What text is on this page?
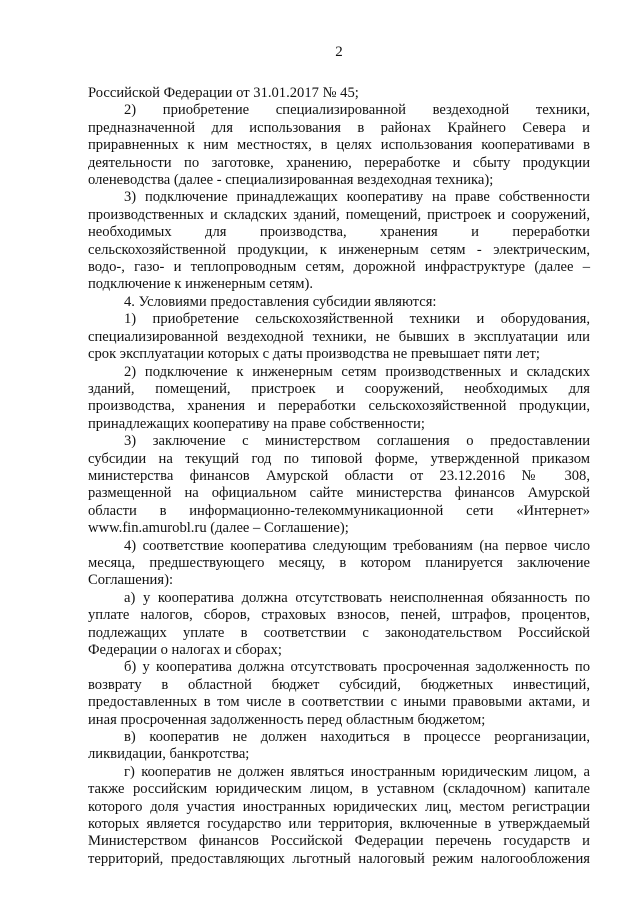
2
Российской Федерации от 31.01.2017 № 45;
2) приобретение специализированной вездеходной техники,
предназначенной для использования в районах Крайнего Севера и
приравненных к ним местностях, в целях использования кооперативами в
деятельности по заготовке, хранению, переработке и сбыту продукции
оленеводства (далее - специализированная вездеходная техника);
3) подключение принадлежащих кооперативу на праве собственности
производственных и складских зданий, помещений, пристроек и сооружений,
необходимых для производства, хранения и переработки
сельскохозяйственной продукции, к инженерным сетям - электрическим,
водо-, газо- и теплопроводным сетям, дорожной инфраструктуре (далее –
подключение к инженерным сетям).
4. Условиями предоставления субсидии являются:
1) приобретение сельскохозяйственной техники и оборудования,
специализированной вездеходной техники, не бывших в эксплуатации или
срок эксплуатации которых с даты производства не превышает пяти лет;
2) подключение к инженерным сетям производственных и складских
зданий, помещений, пристроек и сооружений, необходимых для
производства, хранения и переработки сельскохозяйственной продукции,
принадлежащих кооперативу на праве собственности;
3) заключение с министерством соглашения о предоставлении
субсидии на текущий год по типовой форме, утвержденной приказом
министерства финансов Амурской области от 23.12.2016 № 308,
размещенной на официальном сайте министерства финансов Амурской
области в информационно-телекоммуникационной сети «Интернет»
www.fin.amurobl.ru (далее – Соглашение);
4) соответствие кооператива следующим требованиям (на первое число
месяца, предшествующего месяцу, в котором планируется заключение
Соглашения):
а) у кооператива должна отсутствовать неисполненная обязанность по
уплате налогов, сборов, страховых взносов, пеней, штрафов, процентов,
подлежащих уплате в соответствии с законодательством Российской
Федерации о налогах и сборах;
б) у кооператива должна отсутствовать просроченная задолженность по
возврату в областной бюджет субсидий, бюджетных инвестиций,
предоставленных в том числе в соответствии с иными правовыми актами, и
иная просроченная задолженность перед областным бюджетом;
в) кооператив не должен находиться в процессе реорганизации,
ликвидации, банкротства;
г) кооператив не должен являться иностранным юридическим лицом, а
также российским юридическим лицом, в уставном (складочном) капитале
которого доля участия иностранных юридических лиц, местом регистрации
которых является государство или территория, включенные в утверждаемый
Министерством финансов Российской Федерации перечень государств и
территорий, предоставляющих льготный налоговый режим налогообложения
